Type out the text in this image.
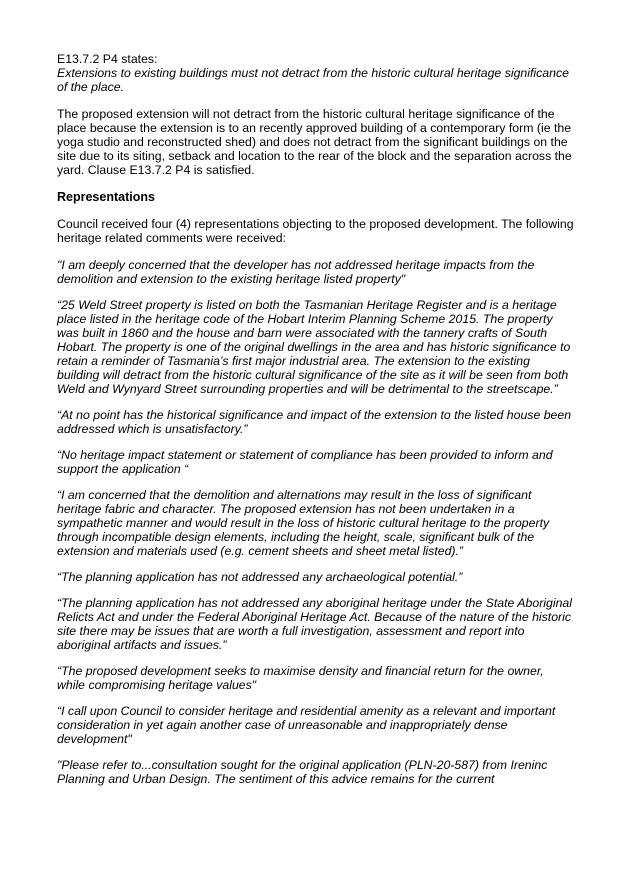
E13.7.2 P4 states:
Extensions to existing buildings must not detract from the historic cultural heritage significance of the place.

The proposed extension will not detract from the historic cultural heritage significance of the place because the extension is to an recently approved building of a contemporary form (ie the yoga studio and reconstructed shed) and does not detract from the significant buildings on the site due to its siting, setback and location to the rear of the block and the separation across the yard. Clause E13.7.2 P4 is satisfied.

Representations

Council received four (4) representations objecting to the proposed development. The following heritage related comments were received:

"I am deeply concerned that the developer has not addressed heritage impacts from the demolition and extension to the existing heritage listed property"

“25 Weld Street property is listed on both the Tasmanian Heritage Register and is a heritage place listed in the heritage code of the Hobart Interim Planning Scheme 2015. The property was built in 1860 and the house and barn were associated with the tannery crafts of South Hobart. The property is one of the original dwellings in the area and has historic significance to retain a reminder of Tasmania’s first major industrial area. The extension to the existing building will detract from the historic cultural significance of the site as it will be seen from both Weld and Wynyard Street surrounding properties and will be detrimental to the streetscape.”

“At no point has the historical significance and impact of the extension to the listed house been addressed which is unsatisfactory.”

“No heritage impact statement or statement of compliance has been provided to inform and support the application “

“I am concerned that the demolition and alternations may result in the loss of significant heritage fabric and character. The proposed extension has not been undertaken in a sympathetic manner and would result in the loss of historic cultural heritage to the property through incompatible design elements, including the height, scale, significant bulk of the extension and materials used (e.g. cement sheets and sheet metal listed).”

“The planning application has not addressed any archaeological potential.”

“The planning application has not addressed any aboriginal heritage under the State Aboriginal Relicts Act and under the Federal Aboriginal Heritage Act. Because of the nature of the historic site there may be issues that are worth a full investigation, assessment and report into aboriginal artifacts and issues.”

“The proposed development seeks to maximise density and financial return for the owner, while compromising heritage values"

“I call upon Council to consider heritage and residential amenity as a relevant and important consideration in yet again another case of unreasonable and inappropriately dense development"

"Please refer to...consultation sought for the original application (PLN-20-587) from Ireninc Planning and Urban Design. The sentiment of this advice remains for the current
